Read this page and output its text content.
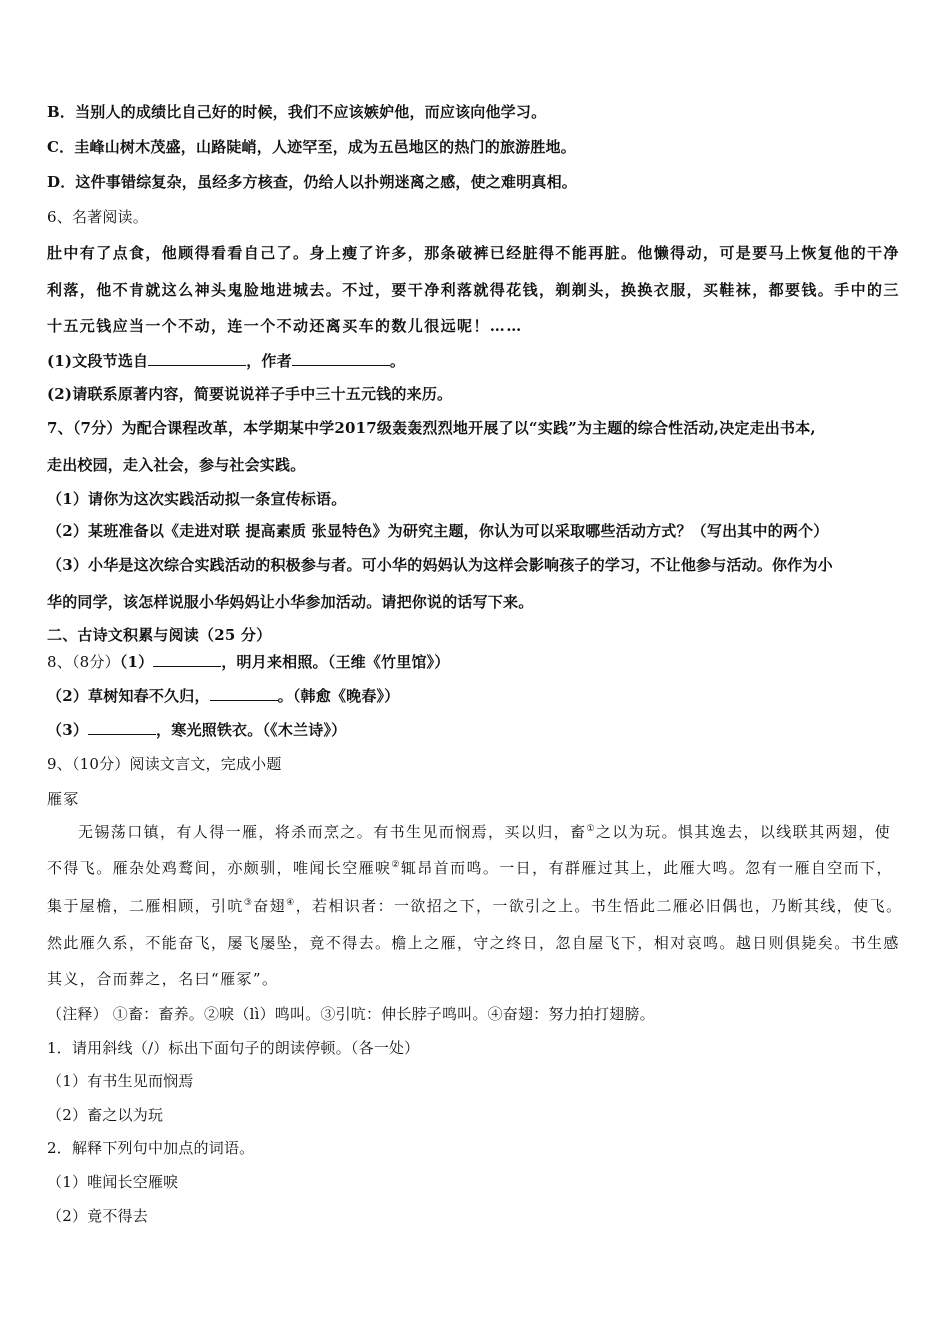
B．当别人的成绩比自己好的时候，我们不应该嫉妒他，而应该向他学习。
C．圭峰山树木茂盛，山路陡峭，人迹罕至，成为五邑地区的热门的旅游胜地。
D．这件事错综复杂，虽经多方核查，仍给人以扑朔迷离之感，使之难明真相。
6、名著阅读。
肚中有了点食，他顾得看看自己了。身上瘦了许多，那条破裤已经脏得不能再脏。他懒得动，可是要马上恢复他的干净
利落，他不肯就这么神头鬼脸地进城去。不过，要干净利落就得花钱，剃剃头，换换衣服，买鞋袜，都要钱。手中的三
十五元钱应当一个不动，连一个不动还离买车的数儿很远呢！……
(1)文段节选自	，作者	。
(2)请联系原著内容，简要说说祥子手中三十五元钱的来历。
7、（7分）为配合课程改革，本学期某中学2017级轰轰烈烈地开展了以“实践”为主题的综合性活动,决定走出书本,
走出校园，走入社会，参与社会实践。
（1）请你为这次实践活动拟一条宣传标语。
（2）某班准备以《走进对联 提高素质 张显特色》为研究主题，你认为可以采取哪些活动方式？（写出其中的两个）
（3）小华是这次综合实践活动的积极参与者。可小华的妈妈认为这样会影响孩子的学习，不让他参与活动。你作为小
华的同学，该怎样说服小华妈妈让小华参加活动。请把你说的话写下来。
二、古诗文积累与阅读（25 分）
8、（8分）（1）	，明月来相照。（王维《竹里馆》）
（2）草树知春不久归，	。（韩愈《晚春》）
（3）	，寒光照铁衣。（《木兰诗》）
9、（10分）阅读文言文，完成小题
雁冢
无锡荡口镇，有人得一雁，将杀而烹之。有书生见而悯焉，买以归，畜①之以为玩。惧其逸去，以线联其两翅，使
不得飞。雁杂处鸡鹜间，亦颇驯，唯闻长空雁唳②辄昂首而鸣。一日，有群雁过其上，此雁大鸣。忽有一雁自空而下，
集于屋檐，二雁相顾，引吭③奋翅④，若相识者：一欲招之下，一欲引之上。书生悟此二雁必旧偶也，乃断其线，使飞。
然此雁久系，不能奋飞，屡飞屡坠，竟不得去。檐上之雁，守之终日，忽自屋飞下，相对哀鸣。越日则俱毙矣。书生感
其义，合而葬之，名曰“雁冢”。
（注释） ①畜：畜养。②唳（lì）鸣叫。③引吭：伸长脖子鸣叫。④奋翅：努力拍打翅膀。
1．请用斜线（/）标出下面句子的朗读停顿。（各一处）
（1）有书生见而悯焉
（2）畜之以为玩
2．解释下列句中加点的词语。
（1）唯闻长空雁唳
（2）竟不得去
